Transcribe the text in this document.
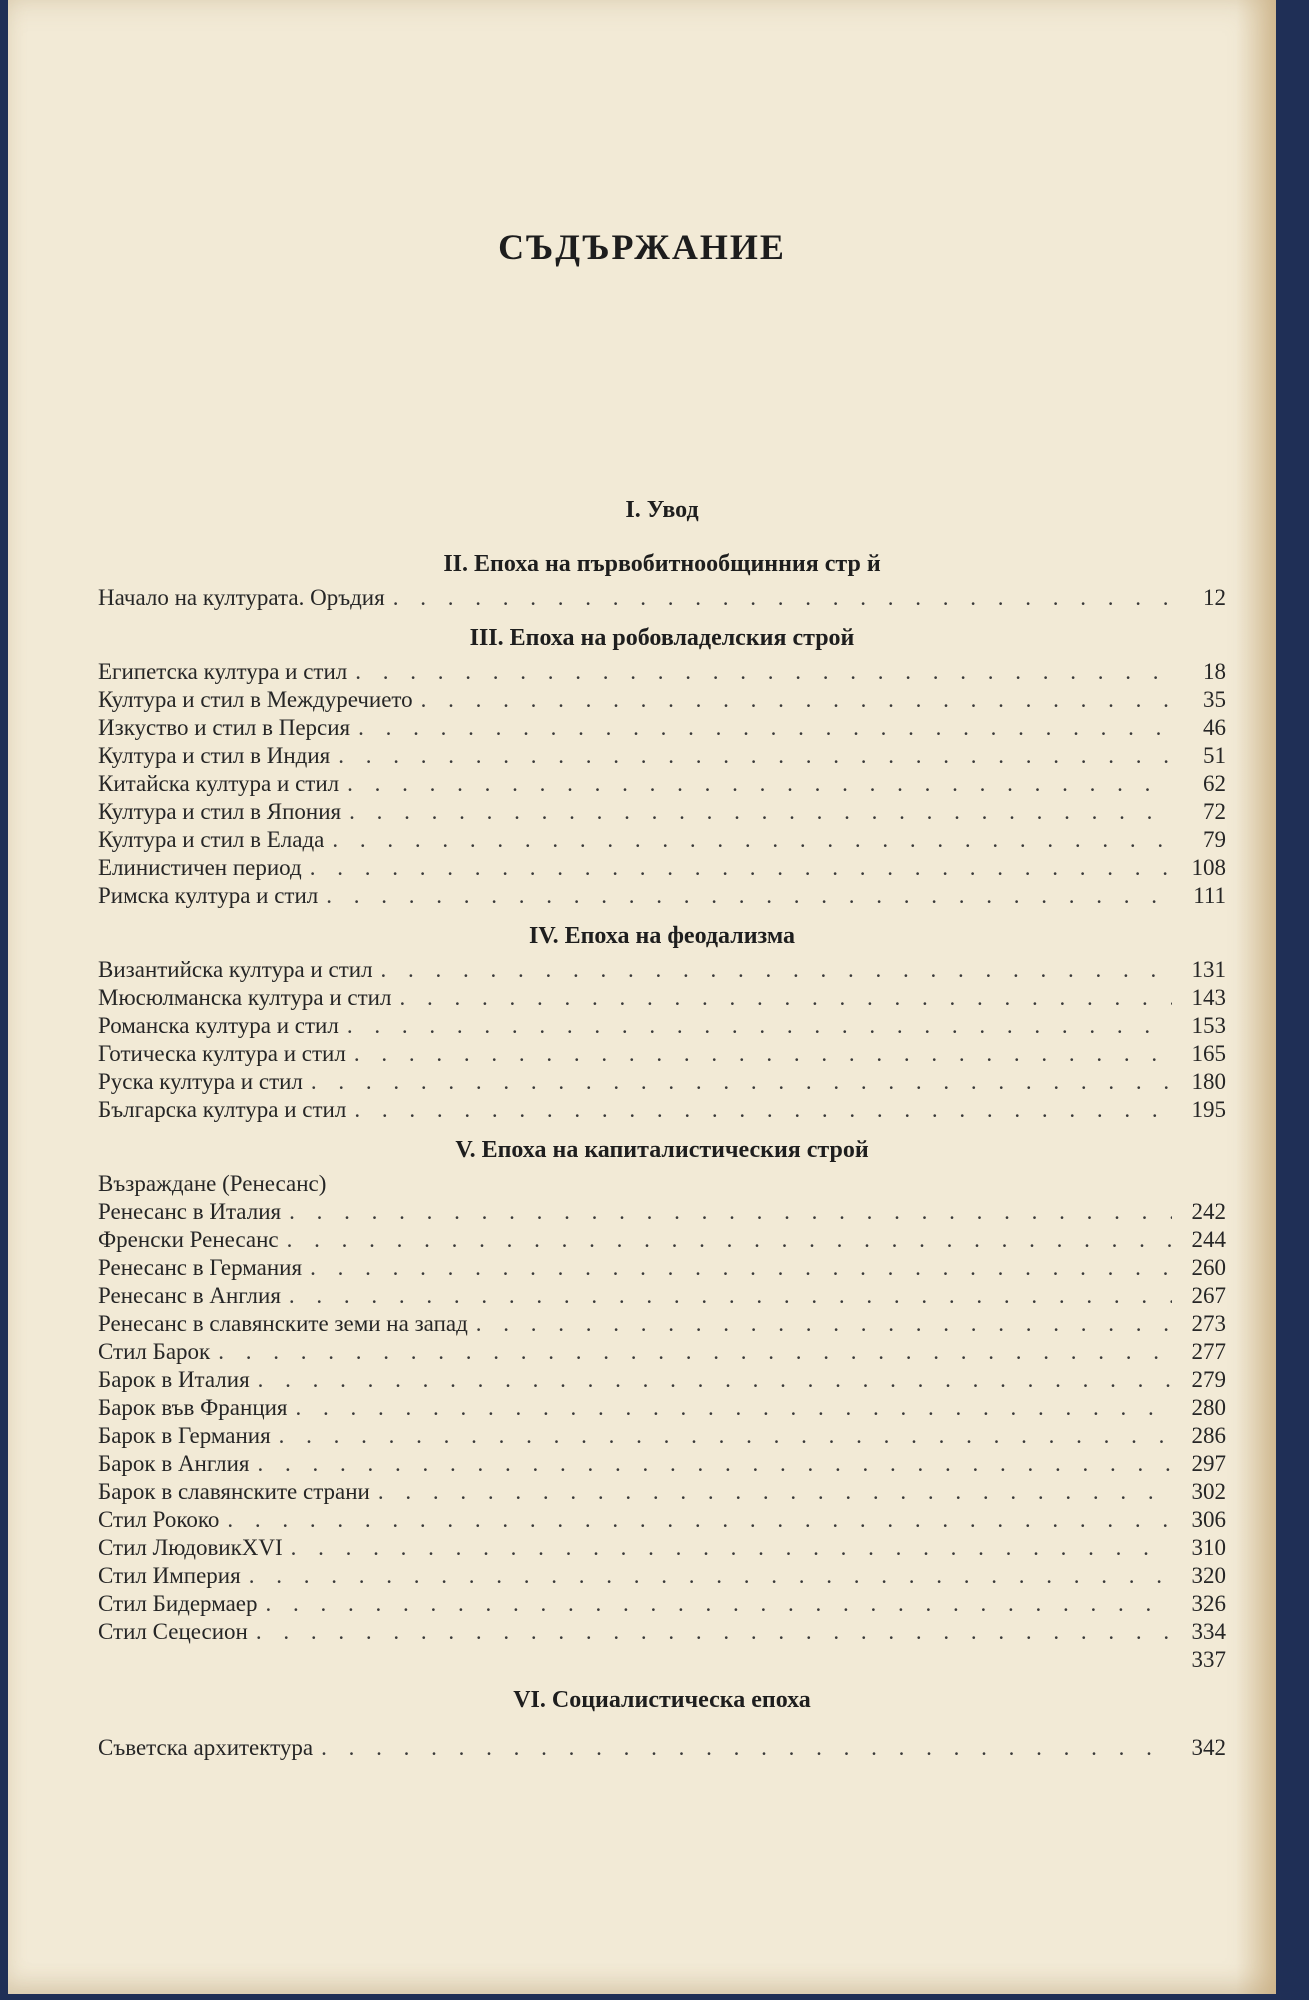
СЪДЪРЖАНИЕ
I. Увод
II. Епоха на първобитнообщинния стр й
Начало на културата. Оръдия . . .	12
III. Епоха на робовладелския строй
Египетска култура и стил . . .	18
Култура и стил в Междуречието . . .	35
Изкуство и стил в Персия . . .	46
Култура и стил в Индия . . .	51
Китайска култура и стил . . .	62
Култура и стил в Япония . . .	72
Култура и стил в Елада . . .	79
Елинистичен период . . .	108
Римска култура и стил . . .	111
IV. Епоха на феодализма
Византийска култура и стил . . .	131
Мюсюлманска култура и стил . . .	143
Романска култура и стил . . .	153
Готическа култура и стил . . .	165
Руска култура и стил . . .	180
Българска култура и стил . . .	195
V. Епоха на капиталистическия строй
Възраждане (Ренесанс)
Ренесанс в Италия . . .	242
Френски Ренесанс . . .	244
Ренесанс в Германия . . .	260
Ренесанс в Англия . . .	267
Ренесанс в славянските земи на запад . . .	273
Стил Барок . . .	277
Барок в Италия . . .	279
Барок във Франция . . .	280
Барок в Германия . . .	286
Барок в Англия . . .	297
Барок в славянските страни . . .	302
Стил Рококо . . .	306
Стил ЛюдовикXVI . . .	310
Стил Империя . . .	320
Стил Бидермаер . . .	326
Стил Сецесион . . .	334
337
VI. Социалистическа епоха
Съветска архитектура . . .	342
